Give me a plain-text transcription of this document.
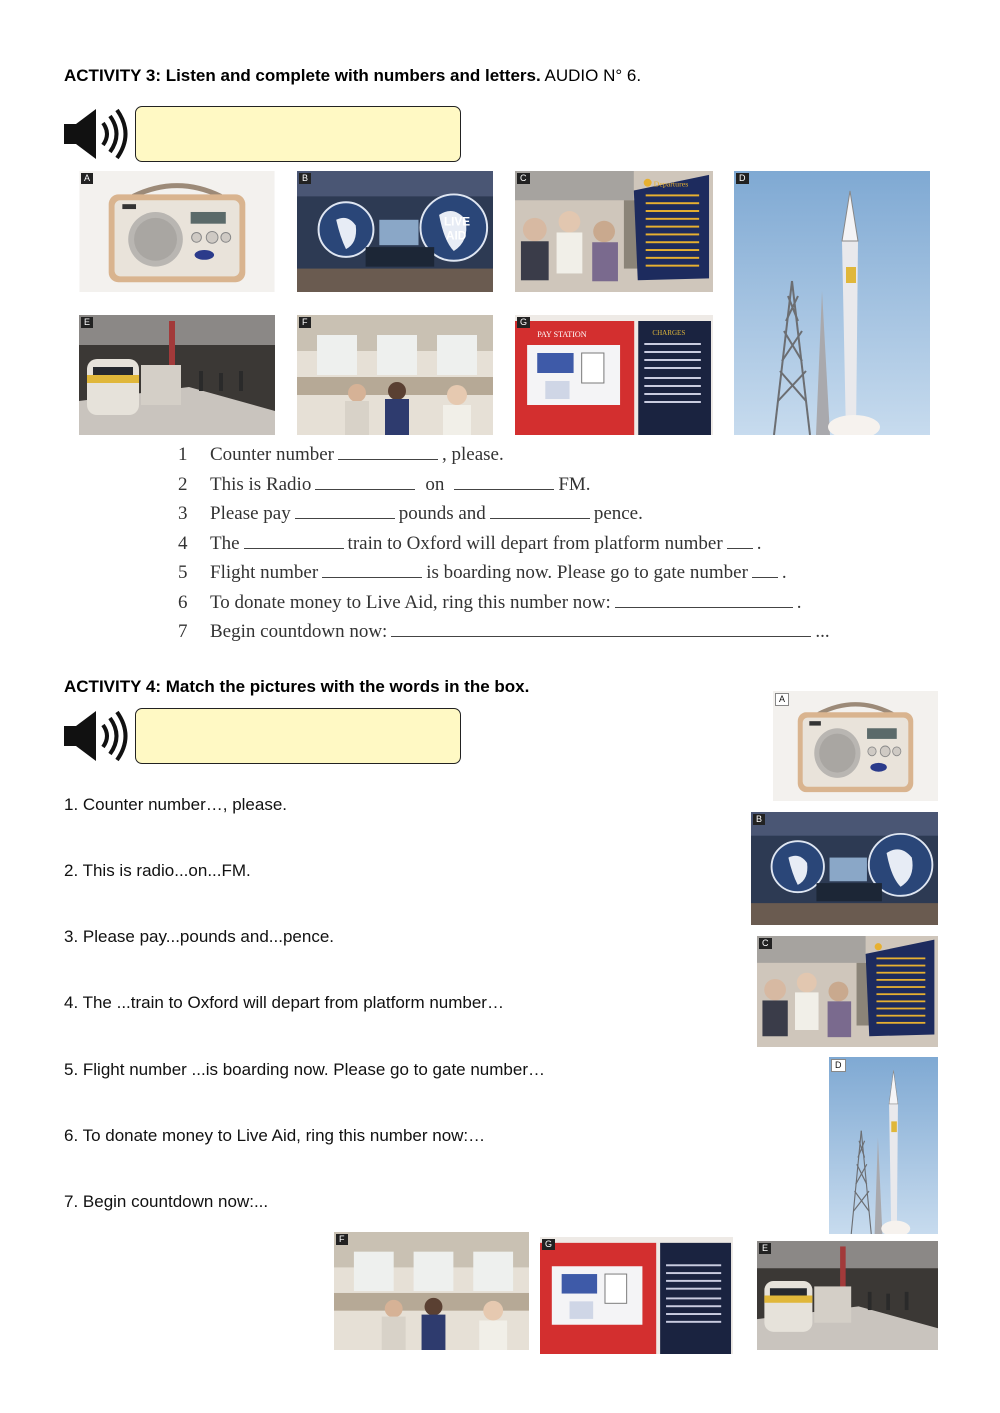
ACTIVITY 3: Listen and complete with numbers and letters. AUDIO N° 6.
A
LIVE
AID
B
Departures
C	D
E	F
PAY STATION	CHARGES
G
1 Counter number	, please.
2 This is Radio	on	FM.
3 Please pay	pounds and	pence.
4 The	train to Oxford will depart from platform number .
5 Flight number	is boarding now. Please go to gate number .
6 To donate money to Live Aid, ring this number now:	.
7 Begin countdown now:	...
ACTIVITY 4: Match the pictures with the words in the box.
1. Counter number…, please.
2. This is radio...on...FM.
3. Please pay...pounds and...pence.
4. The ...train to Oxford will depart from platform number…
5. Flight number ...is boarding now. Please go to gate number…
6. To donate money to Live Aid, ring this number now:…
7. Begin countdown now:...
A
B
C
D
F	G	E
